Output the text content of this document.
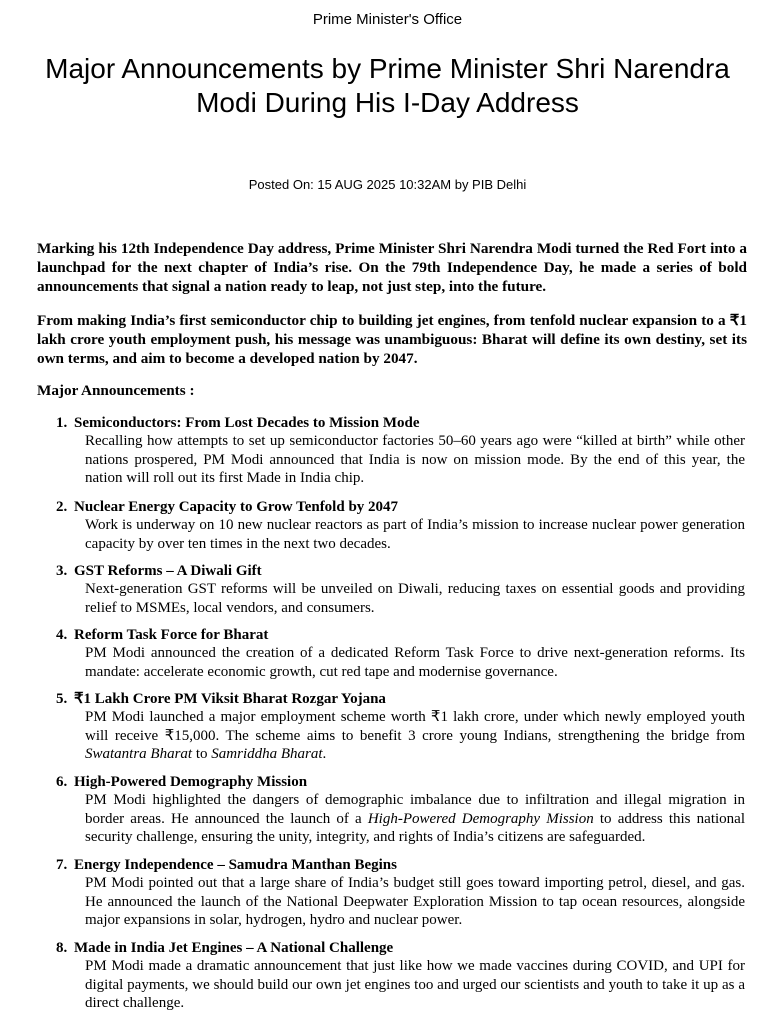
Prime Minister's Office
Major Announcements by Prime Minister Shri Narendra Modi During His I-Day Address
Posted On: 15 AUG 2025 10:32AM by PIB Delhi

Marking his 12th Independence Day address, Prime Minister Shri Narendra Modi turned the Red Fort into a launchpad for the next chapter of India’s rise. On the 79th Independence Day, he made a series of bold announcements that signal a nation ready to leap, not just step, into the future.

From making India’s first semiconductor chip to building jet engines, from tenfold nuclear expansion to a ₹1 lakh crore youth employment push, his message was unambiguous: Bharat will define its own destiny, set its own terms, and aim to become a developed nation by 2047.

Major Announcements :
1. Semiconductors: From Lost Decades to Mission Mode
Recalling how attempts to set up semiconductor factories 50–60 years ago were “killed at birth” while other nations prospered, PM Modi announced that India is now on mission mode. By the end of this year, the nation will roll out its first Made in India chip.
2. Nuclear Energy Capacity to Grow Tenfold by 2047
Work is underway on 10 new nuclear reactors as part of India’s mission to increase nuclear power generation capacity by over ten times in the next two decades.
3. GST Reforms – A Diwali Gift
Next-generation GST reforms will be unveiled on Diwali, reducing taxes on essential goods and providing relief to MSMEs, local vendors, and consumers.
4. Reform Task Force for Bharat
PM Modi announced the creation of a dedicated Reform Task Force to drive next-generation reforms. Its mandate: accelerate economic growth, cut red tape and modernise governance.
5. ₹1 Lakh Crore PM Viksit Bharat Rozgar Yojana
PM Modi launched a major employment scheme worth ₹1 lakh crore, under which newly employed youth will receive ₹15,000. The scheme aims to benefit 3 crore young Indians, strengthening the bridge from Swatantra Bharat to Samriddha Bharat.
6. High-Powered Demography Mission
PM Modi highlighted the dangers of demographic imbalance due to infiltration and illegal migration in border areas. He announced the launch of a High-Powered Demography Mission to address this national security challenge, ensuring the unity, integrity, and rights of India’s citizens are safeguarded.
7. Energy Independence – Samudra Manthan Begins
PM Modi pointed out that a large share of India’s budget still goes toward importing petrol, diesel, and gas. He announced the launch of the National Deepwater Exploration Mission to tap ocean resources, alongside major expansions in solar, hydrogen, hydro and nuclear power.
8. Made in India Jet Engines – A National Challenge
PM Modi made a dramatic announcement that just like how we made vaccines during COVID, and UPI for digital payments, we should build our own jet engines too and urged our scientists and youth to take it up as a direct challenge.
